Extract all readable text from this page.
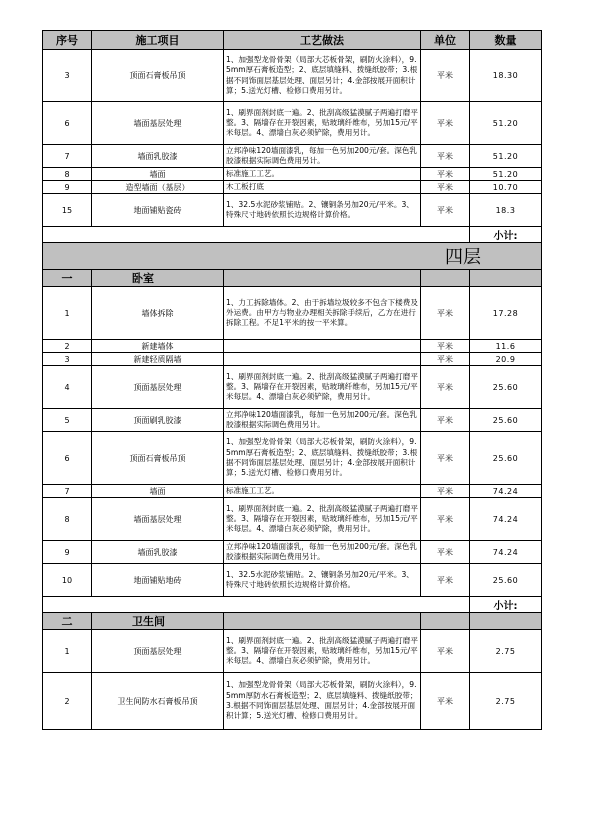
序号	施工项目	工艺做法	单位	数量
3	顶面石膏板吊顶	1、加强型龙骨骨架（局部大芯板骨架，刷防火涂料），9.5mm厚石膏板造型；2、底层填缝料、拨缝纸胶带；3.根据不同饰面层基层处理、面层另计；4.金部按展开面积计算；5.送光灯槽、检修口费用另计。	平米	18.30
6	墙面基层处理	1、刷界面剂封底一遍。2、批刮高级猛漠腻子两遍打磨平整。3、隔墙存在开裂因素，贴玻璃纤维布，另加15元/平米每层。4、漂墙白灰必须铲除，费用另计。	平米	51.20
7	墙面乳胶漆	立邦净味120墙面漆乳，每加一色另加200元/套。深色乳胶漆根据实际调色费用另计。	平米	51.20
8	墙面	标准施工工艺。	平米	51.20
9	造型墙面（基层）	木工板打底	平米	10.70
15	地面铺贴瓷砖	1、32.5水泥砂浆铺贴。2、镶铜条另加20元/平米。3、特殊尺寸地砖依照长边规格计算价格。	平米	18.3
				小计:
四层				
一	卧室			
1	墙体拆除	1、力工拆除墙体。2、由于拆墙垃圾较多不包含下楼费及外运费。由甲方与物业办理相关拆除手续后，乙方在进行拆除工程。不足1平米的按一平米算。	平米	17.28
2	新建墙体		平米	11.6
3	新建轻质隔墙		平米	20.9
4	顶面基层处理	1、刷界面剂封底一遍。2、批刮高级猛漠腻子两遍打磨平整。3、隔墙存在开裂因素，贴玻璃纤维布，另加15元/平米每层。4、漂墙白灰必须铲除，费用另计。	平米	25.60
5	顶面刷乳胶漆	立邦净味120墙面漆乳，每加一色另加200元/套。深色乳胶漆根据实际调色费用另计。	平米	25.60
6	顶面石膏板吊顶	1、加强型龙骨骨架（局部大芯板骨架，刷防火涂料），9.5mm厚石膏板造型；2、底层填缝料、拨缝纸胶带；3.根据不同饰面层基层处理、面层另计；4.金部按展开面积计算；5.送光灯槽、检修口费用另计。	平米	25.60
7	墙面	标准施工工艺。	平米	74.24
8	墙面基层处理	1、刷界面剂封底一遍。2、批刮高级猛漠腻子两遍打磨平整。3、隔墙存在开裂因素，贴玻璃纤维布，另加15元/平米每层。4、漂墙白灰必须铲除，费用另计。	平米	74.24
9	墙面乳胶漆	立邦净味120墙面漆乳，每加一色另加200元/套。深色乳胶漆根据实际调色费用另计。	平米	74.24
10	地面铺贴地砖	1、32.5水泥砂浆铺贴。2、镶铜条另加20元/平米。3、特殊尺寸地砖依照长边规格计算价格。	平米	25.60
				小计:
二	卫生间			
1	顶面基层处理	1、刷界面剂封底一遍。2、批刮高级猛漠腻子两遍打磨平整。3、隔墙存在开裂因素，贴玻璃纤维布，另加15元/平米每层。4、漂墙白灰必须铲除，费用另计。	平米	2.75
2	卫生间防水石膏板吊顶	1、加强型龙骨骨架（局部大芯板骨架，刷防火涂料），9.5mm厚防水石膏板造型；2、底层填缝料、拨缝纸胶带；3.根据不同饰面层基层处理、面层另计；4.金部按展开面积计算；5.送光灯槽、检修口费用另计。	平米	2.75
